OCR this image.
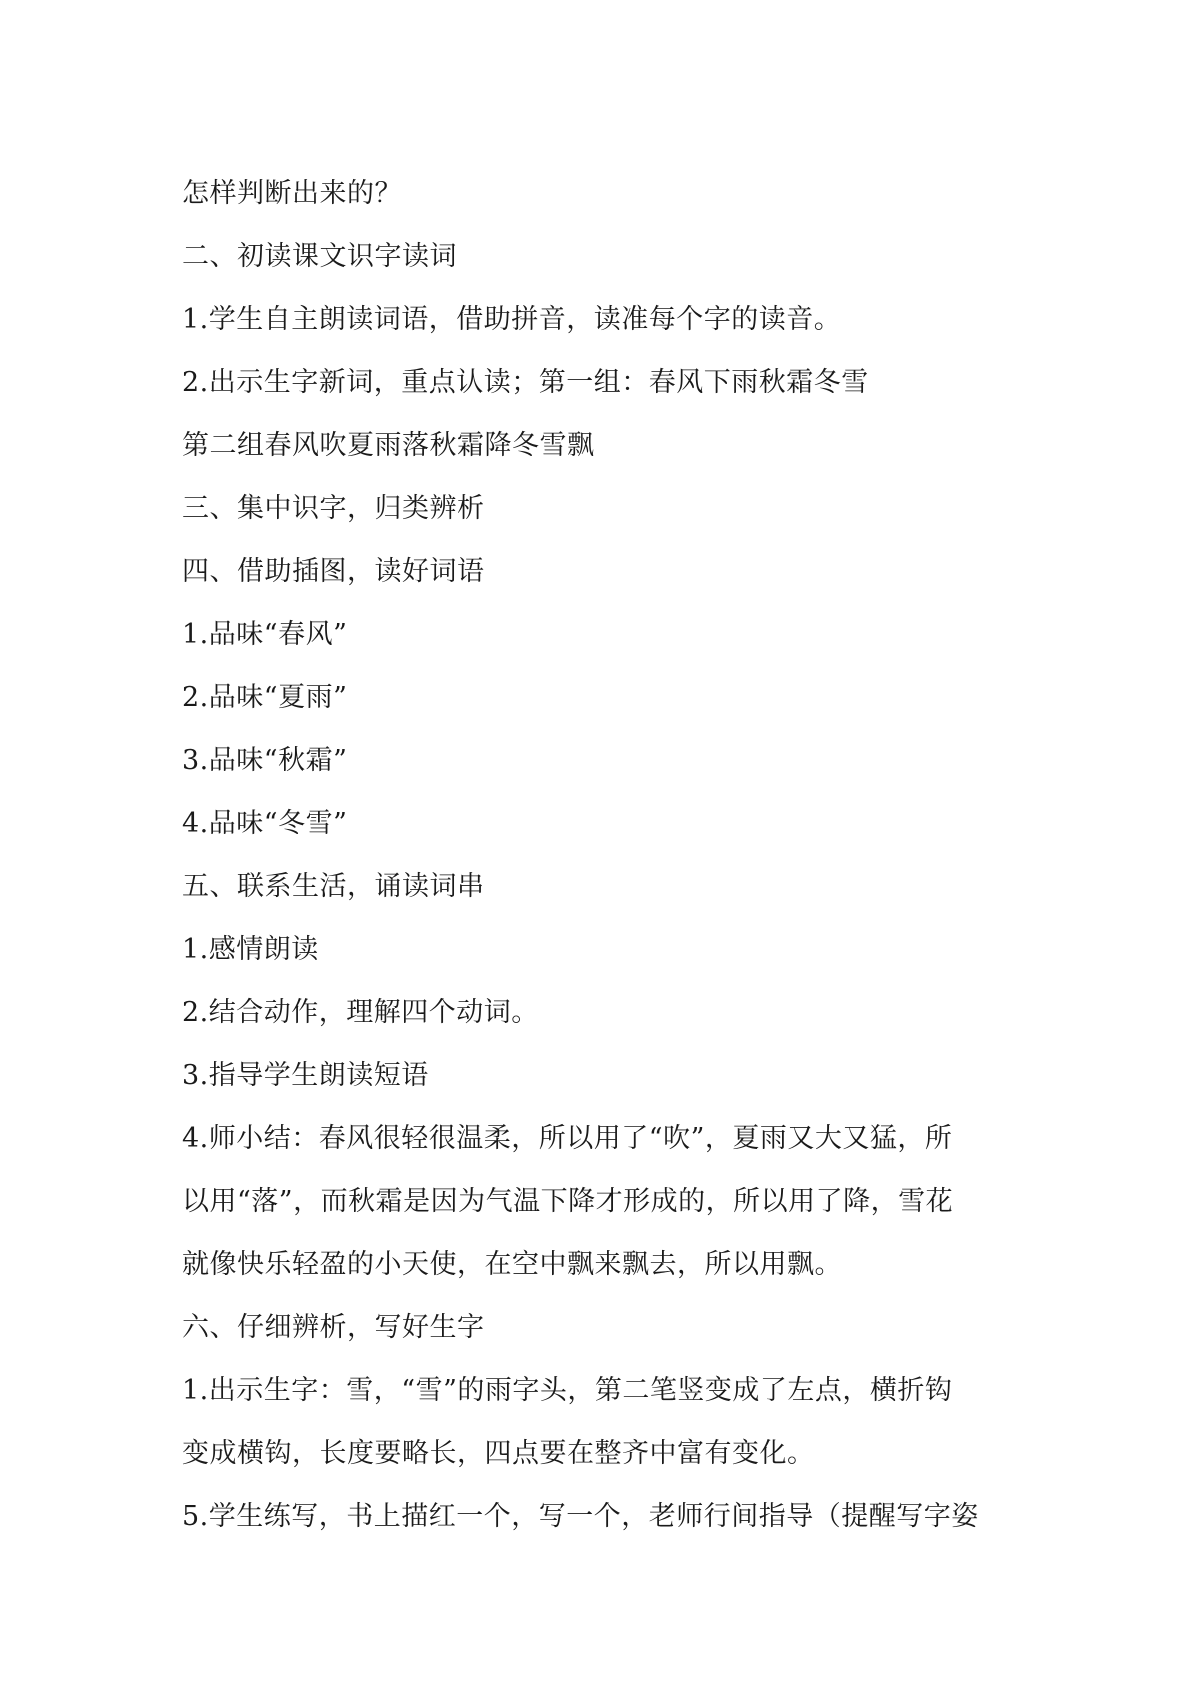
怎样判断出来的？
二、初读课文识字读词
1.学生自主朗读词语，借助拼音，读准每个字的读音。
2.出示生字新词，重点认读；第一组：春风下雨秋霜冬雪
第二组春风吹夏雨落秋霜降冬雪飘
三、集中识字，归类辨析
四、借助插图，读好词语
1.品味“春风”
2.品味“夏雨”
3.品味“秋霜”
4.品味“冬雪”
五、联系生活，诵读词串
1.感情朗读
2.结合动作，理解四个动词。
3.指导学生朗读短语
4.师小结：春风很轻很温柔，所以用了“吹”，夏雨又大又猛，所
以用“落”，而秋霜是因为气温下降才形成的，所以用了降，雪花
就像快乐轻盈的小天使，在空中飘来飘去，所以用飘。
六、仔细辨析，写好生字
1.出示生字：雪，“雪”的雨字头，第二笔竖变成了左点，横折钩
变成横钩，长度要略长，四点要在整齐中富有变化。
5.学生练写，书上描红一个，写一个，老师行间指导（提醒写字姿
